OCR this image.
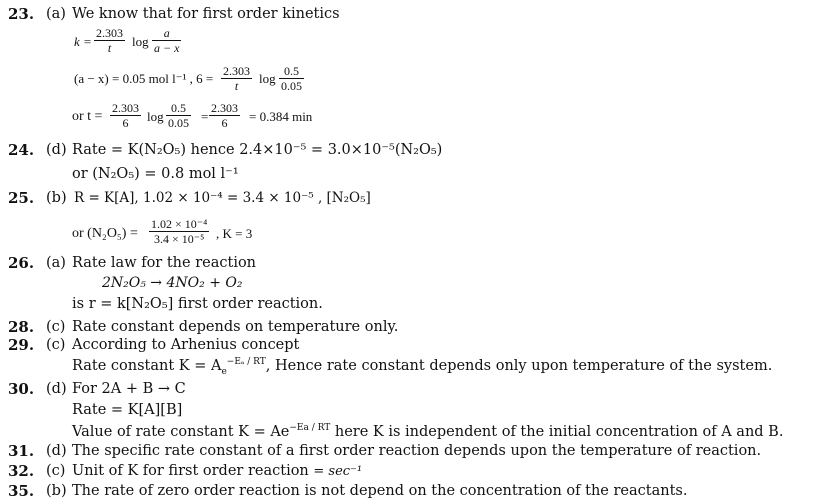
23. (a) We know that for first order kinetics
$k = \frac{2.303}{t}$ $\log \frac{a}{a - x}$
(a − x) = 0.05 mol l⁻¹ , $6 = \frac{2.303}{t}$ $\log \frac{0.5}{0.05}$
or $t = \frac{2.303}{6}$ $\log \frac{0.5}{0.05} = \frac{2.303}{6} = 0.384$ min
24. (d) Rate = K(N₂O₅) hence 2.4×10⁻⁵ = 3.0×10⁻⁵(N₂O₅)
or (N₂O₅) = 0.8 mol l⁻¹
25. (b) R = K[A], 1.02 × 10⁻⁴ = 3.4 × 10⁻⁵ , [N₂O₅]
or $(N_2O_5) = \frac{\text{1.02 × 10⁻⁴}}{\text{3.4 × 10⁻⁵}}$ , K = 3
26. (a) Rate law for the reaction
2N₂O₅ → 4NO₂ + O₂
is r = k[N₂O₅] first order reaction.
28. (c) Rate constant depends on temperature only.
29. (c) According to Arhenius concept
Rate constant $K = A_e^{-E_a / RT}$, Hence rate constant depends only upon temperature of the system.
30. (d) For 2A + B → C
Rate = K[A][B]
Value of rate constant $K = Ae^{-Ea / RT}$ here K is independent of the initial concentration of A and B.
31. (d) The specific rate constant of a first order reaction depends upon the temperature of reaction.
32. (c) Unit of K for first order reaction = sec⁻¹
35. (b) The rate of zero order reaction is not depend on the concentration of the reactants.
